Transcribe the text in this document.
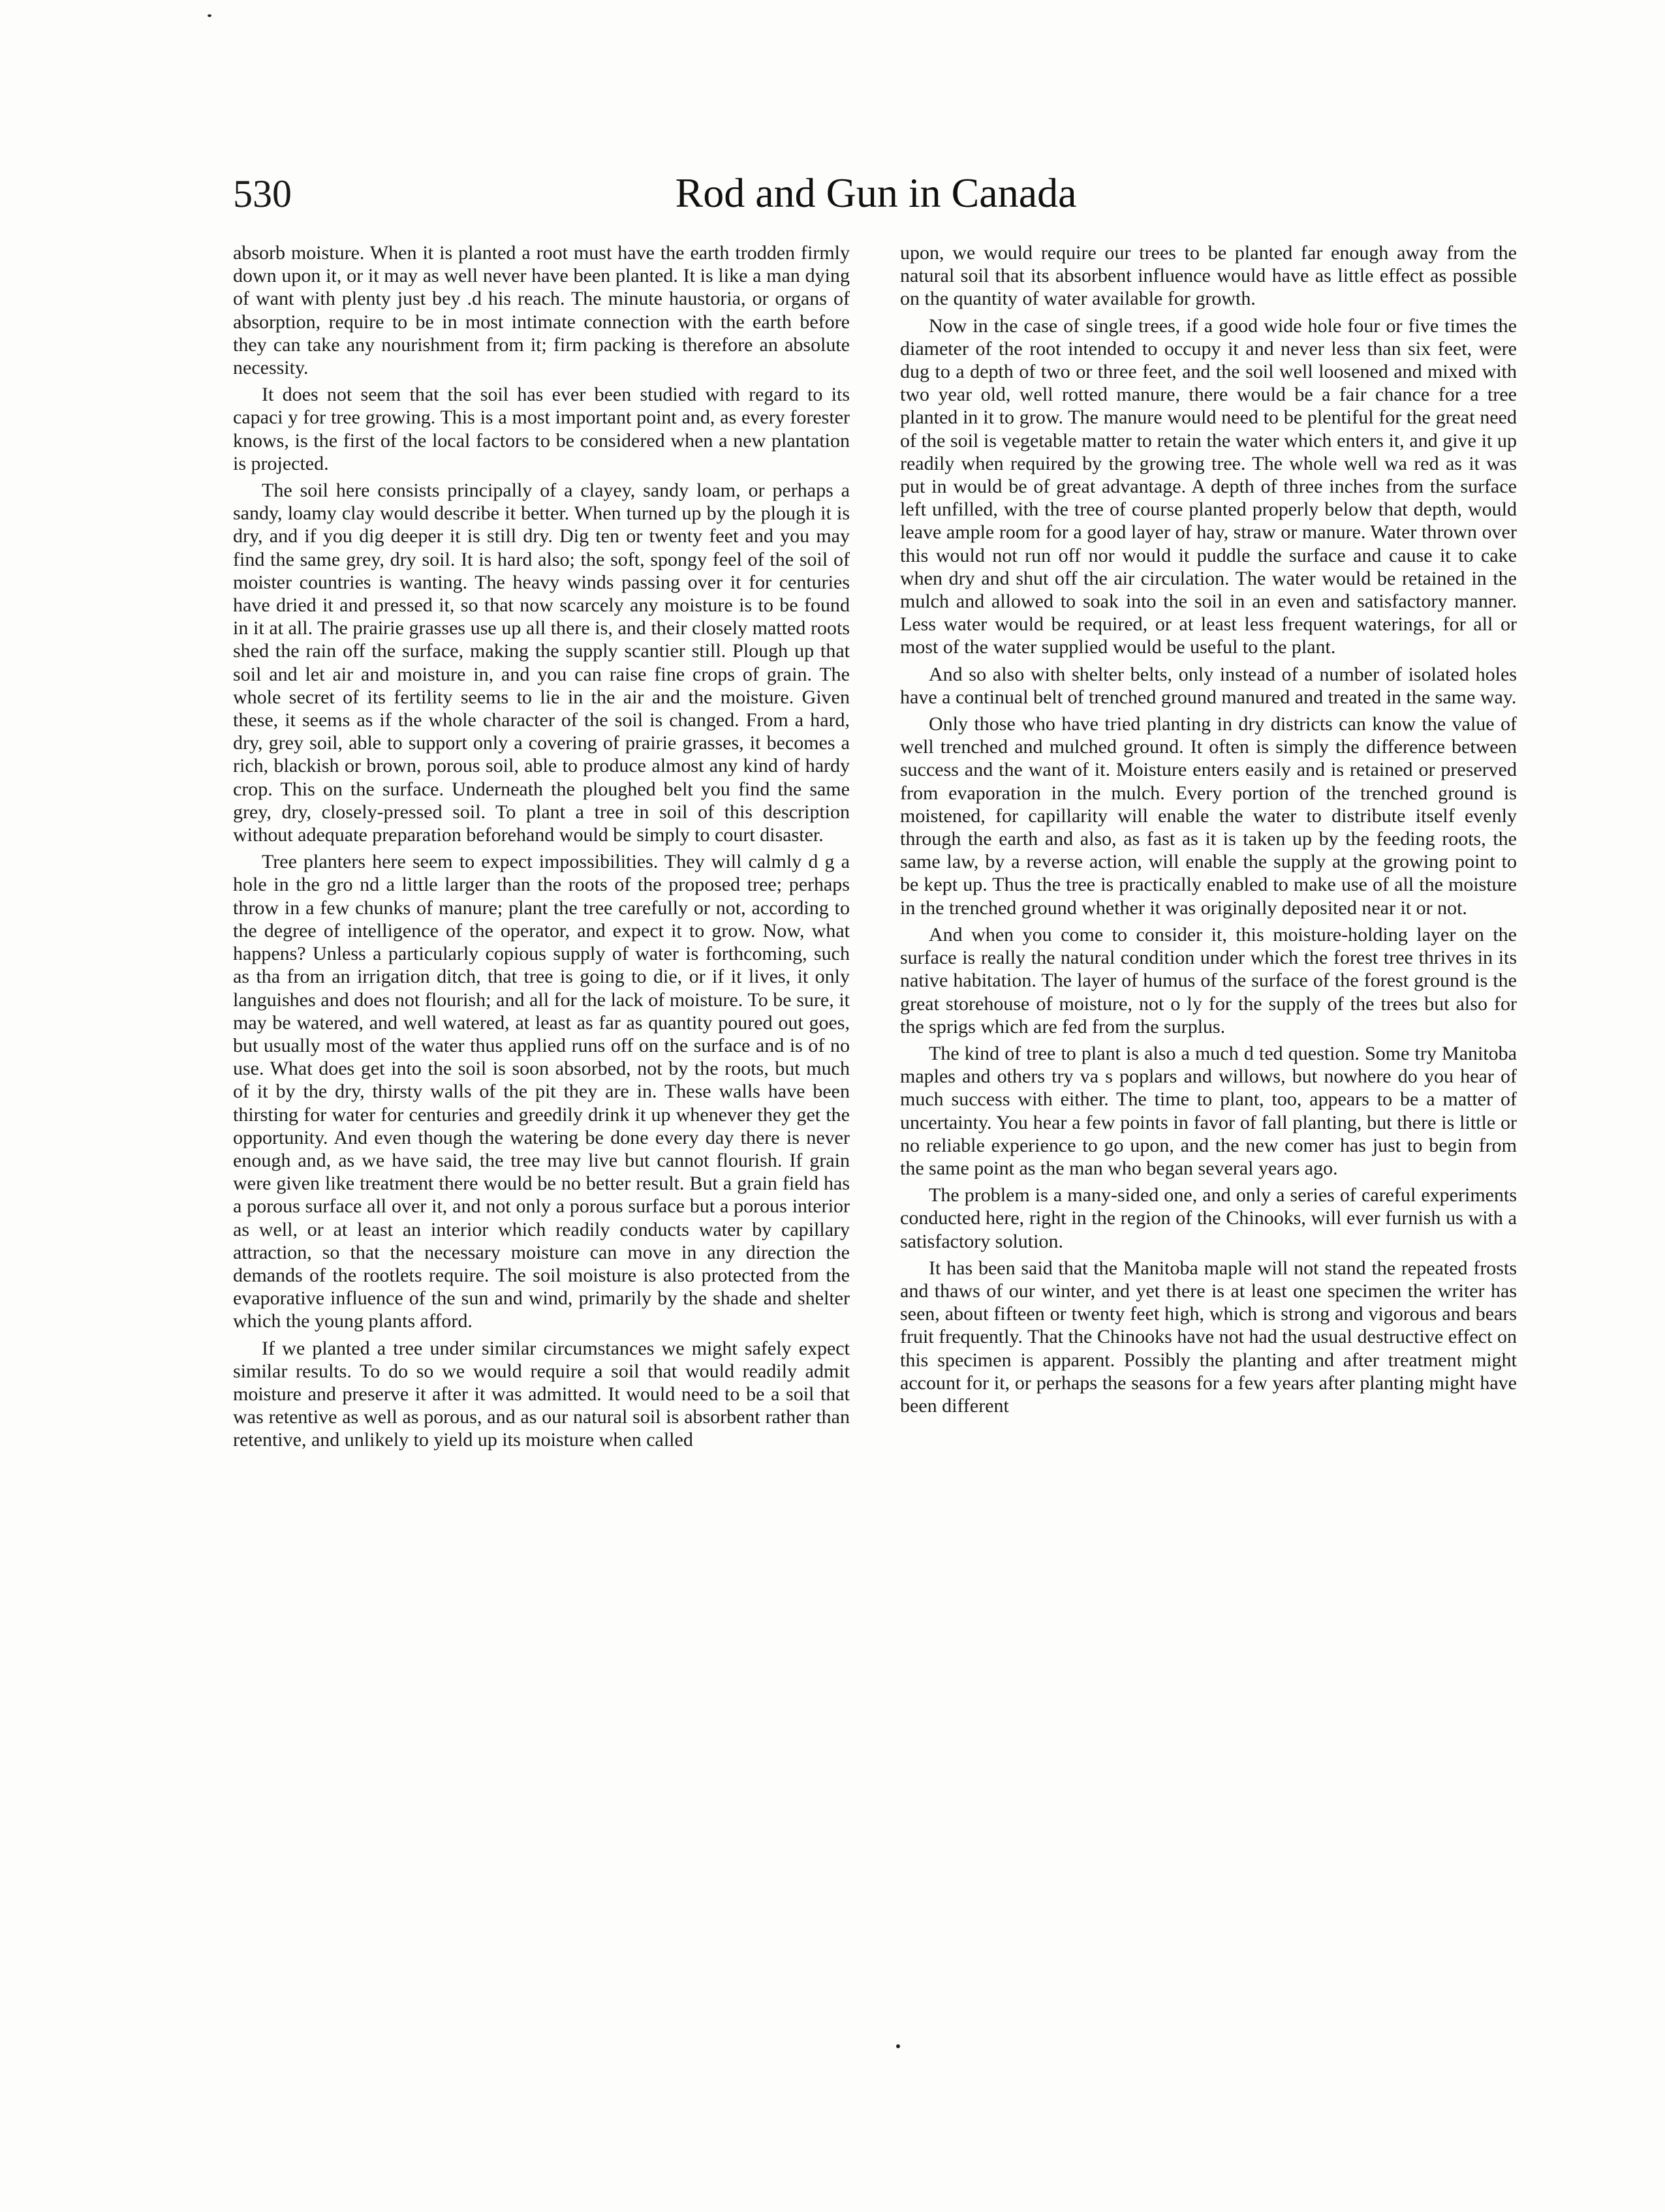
530	Rod and Gun in Canada

absorb moisture. When it is planted a root must have the earth trodden firmly down upon it, or it may as well never have been planted. It is like a man dying of want with plenty just bey .d his reach. The minute haustoria, or organs of absorption, require to be in most intimate connection with the earth before they can take any nourishment from it; firm packing is therefore an absolute necessity.

It does not seem that the soil has ever been studied with regard to its capaci y for tree growing. This is a most important point and, as every forester knows, is the first of the local factors to be considered when a new plantation is projected.

The soil here consists principally of a clayey, sandy loam, or perhaps a sandy, loamy clay would describe it better. When turned up by the plough it is dry, and if you dig deeper it is still dry. Dig ten or twenty feet and you may find the same grey, dry soil. It is hard also; the soft, spongy feel of the soil of moister countries is wanting. The heavy winds passing over it for centuries have dried it and pressed it, so that now scarcely any moisture is to be found in it at all. The prairie grasses use up all there is, and their closely matted roots shed the rain off the surface, making the supply scantier still. Plough up that soil and let air and moisture in, and you can raise fine crops of grain. The whole secret of its fertility seems to lie in the air and the moisture. Given these, it seems as if the whole character of the soil is changed. From a hard, dry, grey soil, able to support only a covering of prairie grasses, it becomes a rich, blackish or brown, porous soil, able to produce almost any kind of hardy crop. This on the surface. Underneath the ploughed belt you find the same grey, dry, closely-pressed soil. To plant a tree in soil of this description without adequate preparation beforehand would be simply to court disaster.

Tree planters here seem to expect impossibilities. They will calmly d g a hole in the gro nd a little larger than the roots of the proposed tree; perhaps throw in a few chunks of manure; plant the tree carefully or not, according to the degree of intelligence of the operator, and expect it to grow. Now, what happens? Unless a particularly copious supply of water is forthcoming, such as tha from an irrigation ditch, that tree is going to die, or if it lives, it only languishes and does not flourish; and all for the lack of moisture. To be sure, it may be watered, and well watered, at least as far as quantity poured out goes, but usually most of the water thus applied runs off on the surface and is of no use. What does get into the soil is soon absorbed, not by the roots, but much of it by the dry, thirsty walls of the pit they are in. These walls have been thirsting for water for centuries and greedily drink it up whenever they get the opportunity. And even though the watering be done every day there is never enough and, as we have said, the tree may live but cannot flourish. If grain were given like treatment there would be no better result. But a grain field has a porous surface all over it, and not only a porous surface but a porous interior as well, or at least an interior which readily conducts water by capillary attraction, so that the necessary moisture can move in any direction the demands of the rootlets require. The soil moisture is also protected from the evaporative influence of the sun and wind, primarily by the shade and shelter which the young plants afford.

If we planted a tree under similar circumstances we might safely expect similar results. To do so we would require a soil that would readily admit moisture and preserve it after it was admitted. It would need to be a soil that was retentive as well as porous, and as our natural soil is absorbent rather than retentive, and unlikely to yield up its moisture when called

upon, we would require our trees to be planted far enough away from the natural soil that its absorbent influence would have as little effect as possible on the quantity of water available for growth.

Now in the case of single trees, if a good wide hole four or five times the diameter of the root intended to occupy it and never less than six feet, were dug to a depth of two or three feet, and the soil well loosened and mixed with two year old, well rotted manure, there would be a fair chance for a tree planted in it to grow. The manure would need to be plentiful for the great need of the soil is vegetable matter to retain the water which enters it, and give it up readily when required by the growing tree. The whole well wa red as it was put in would be of great advantage. A depth of three inches from the surface left unfilled, with the tree of course planted properly below that depth, would leave ample room for a good layer of hay, straw or manure. Water thrown over this would not run off nor would it puddle the surface and cause it to cake when dry and shut off the air circulation. The water would be retained in the mulch and allowed to soak into the soil in an even and satisfactory manner. Less water would be required, or at least less frequent waterings, for all or most of the water supplied would be useful to the plant.

And so also with shelter belts, only instead of a number of isolated holes have a continual belt of trenched ground manured and treated in the same way.

Only those who have tried planting in dry districts can know the value of well trenched and mulched ground. It often is simply the difference between success and the want of it. Moisture enters easily and is retained or preserved from evaporation in the mulch. Every portion of the trenched ground is moistened, for capillarity will enable the water to distribute itself evenly through the earth and also, as fast as it is taken up by the feeding roots, the same law, by a reverse action, will enable the supply at the growing point to be kept up. Thus the tree is practically enabled to make use of all the moisture in the trenched ground whether it was originally deposited near it or not.

And when you come to consider it, this moisture-holding layer on the surface is really the natural condition under which the forest tree thrives in its native habitation. The layer of humus of the surface of the forest ground is the great storehouse of moisture, not o ly for the supply of the trees but also for the sprigs which are fed from the surplus.

The kind of tree to plant is also a much d ted question. Some try Manitoba maples and others try va s poplars and willows, but nowhere do you hear of much success with either. The time to plant, too, appears to be a matter of uncertainty. You hear a few points in favor of fall planting, but there is little or no reliable experience to go upon, and the new comer has just to begin from the same point as the man who began several years ago.

The problem is a many-sided one, and only a series of careful experiments conducted here, right in the region of the Chinooks, will ever furnish us with a satisfactory solution.

It has been said that the Manitoba maple will not stand the repeated frosts and thaws of our winter, and yet there is at least one specimen the writer has seen, about fifteen or twenty feet high, which is strong and vigorous and bears fruit frequently. That the Chinooks have not had the usual destructive effect on this specimen is apparent. Possibly the planting and after treatment might account for it, or perhaps the seasons for a few years after planting might have been different
